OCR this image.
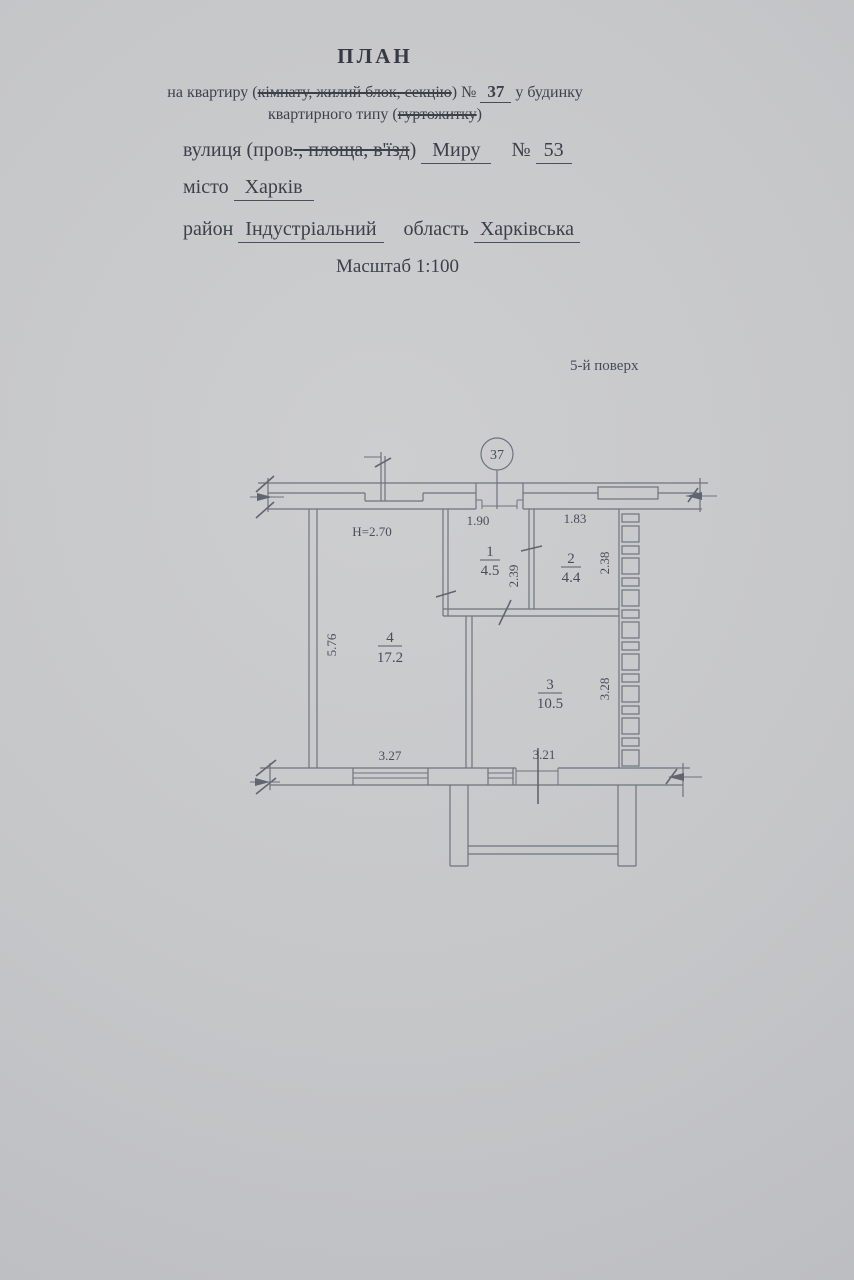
ПЛАН
на квартиру (кімнату, жилий блок, секцію) № 37 у будинку
квартирного типу (гуртожитку)
вулиця (пров., площа, в'їзд) Миру № 53
місто Харків
район Індустріальний область Харківська
Масштаб 1:100
5-й поверх
37
H=2.70
1.90	1.83
2.39
2.38
5.76
3.28
3.27	3.21
1
4.5
2
4.4
3
10.5
4
17.2
